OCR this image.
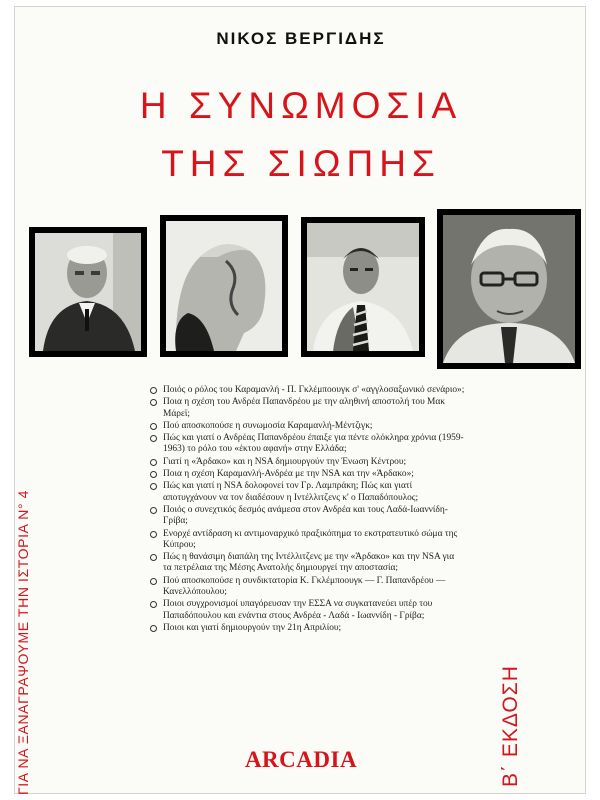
ΝΙΚΟΣ ΒΕΡΓΙΔΗΣ
Η ΣΥΝΩΜΟΣΙΑ
ΤΗΣ ΣΙΩΠΗΣ
ΓΙΑ ΝΑ ΞΑΝΑΓΡΑΨΟΥΜΕ ΤΗΝ ΙΣΤΟΡΙΑ Ν° 4	Β΄ ΕΚΔΟΣΗ
Ποιός ο ρόλος του Καραμανλή - Π. Γκλέμποουγκ σ' «αγγλοσαξωνικό σενάριο»;
Ποια η σχέση του Ανδρέα Παπανδρέου με την αληθινή αποστολή του Μακ Μάρεϊ;
Πού αποσκοπούσε η συνωμοσία Καραμανλή-Μέντζιγκ;
Πώς και γιατί ο Ανδρέας Παπανδρέου έπαιξε για πέντε ολόκληρα χρόνια (1959-1963) το ρόλο του «έκτου αφανή» στην Ελλάδα;
Γιατί η «Άρδακο» και η NSA δημιουργούν την Ένωση Κέντρου;
Ποια η σχέση Καραμανλή-Ανδρέα με την NSA και την «Άρδακο»;
Πώς και γιατί η NSA δολοφονεί τον Γρ. Λαμπράκη; Πώς και γιατί αποτυγχάνουν να τον διαδέσουν η Ιντέλλιτζενς κ' ο Παπαδόπουλος;
Ποιός ο συνεχτικός δεσμός ανάμεσα στον Ανδρέα και τους Λαδά-Ιωαννίδη-Γρίβα;
Ενορχέ αντίδραση κι αντιμοναρχικό πραξικόπημα το εκστρατευτικό σώμα της Κύπρου;
Πώς η θανάσιμη διαπάλη της Ιντέλλιτζενς με την «Άρδακο» και την NSA για τα πετρέλαια της Μέσης Ανατολής δημιουργεί την αποστασία;
Πού αποσκοπούσε η συνδικτατορία Κ. Γκλέμποουγκ — Γ. Παπανδρέου — Κανελλόπουλου;
Ποιοι συγχρονισμοί υπαγόρευσαν την ΕΣΣΑ να συγκατανεύει υπέρ του Παπαδόπουλου και ενάντια στους Ανδρέα - Λαδά - Ιωαννίδη - Γρίβα;
Ποιοι και γιατί δημιουργούν την 21η Απριλίου;
ARCADIA
